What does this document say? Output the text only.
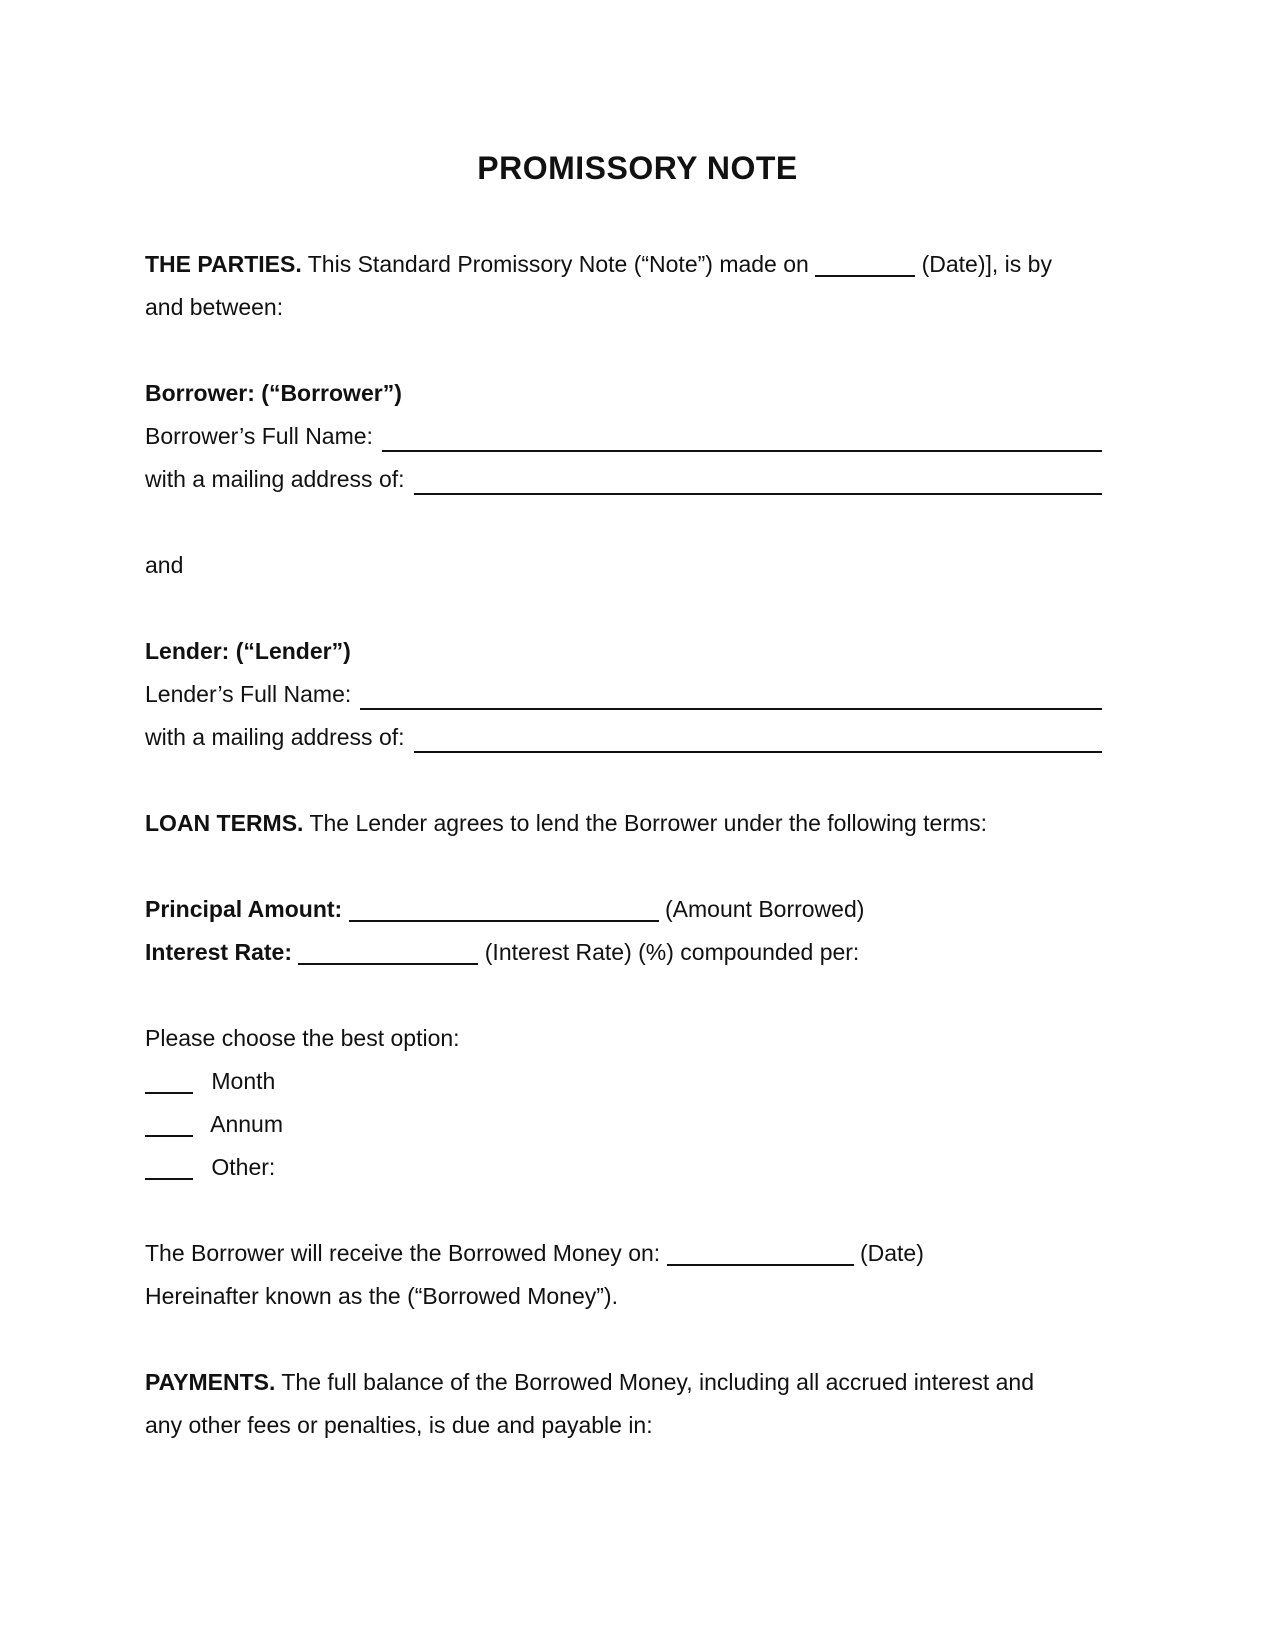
PROMISSORY NOTE

THE PARTIES. This Standard Promissory Note (“Note”) made on	(Date)], is by
and between:

Borrower: (“Borrower”)
Borrower’s Full Name:
with a mailing address of:

and

Lender: (“Lender”)
Lender’s Full Name:
with a mailing address of:

LOAN TERMS. The Lender agrees to lend the Borrower under the following terms:

Principal Amount:	(Amount Borrowed)
Interest Rate:	(Interest Rate) (%) compounded per:

Please choose the best option:
Month
Annum
Other:

The Borrower will receive the Borrowed Money on:	(Date)
Hereinafter known as the (“Borrowed Money”).

PAYMENTS. The full balance of the Borrowed Money, including all accrued interest and
any other fees or penalties, is due and payable in:
